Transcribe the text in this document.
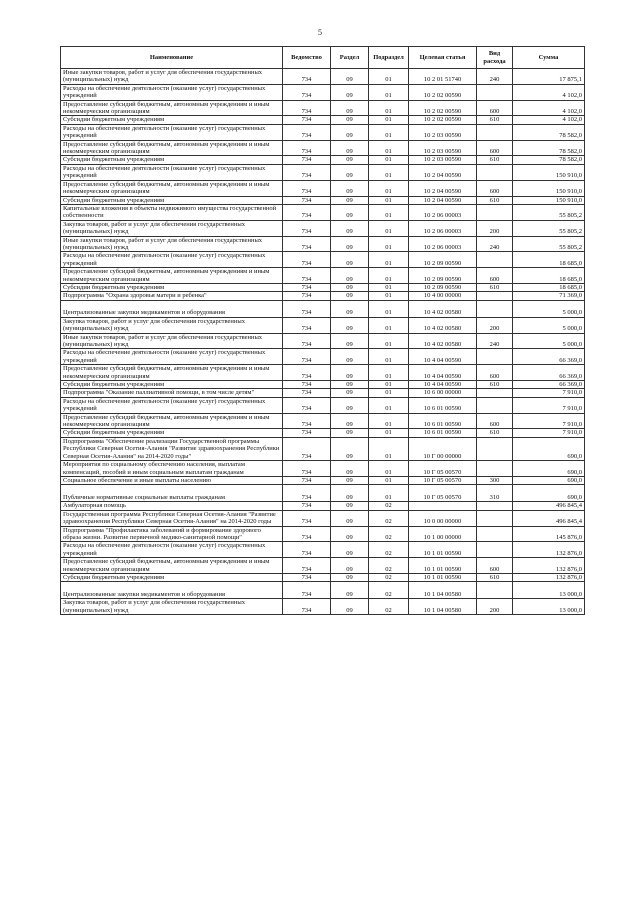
5
Наименование	Ведомство	Раздел	Подраздел	Целевая статья	Вид расхода	Сумма
Иные закупки товаров, работ и услуг для обеспечения государственных (муниципальных) нужд	734	09	01	10 2 01 51740	240	17 875,1
Расходы на обеспечение деятельности (оказание услуг) государственных учреждений	734	09	01	10 2 02 00590		4 102,0
Предоставление субсидий бюджетным, автономным учреждениям и иным некоммерческим организациям	734	09	01	10 2 02 00590	600	4 102,0
Субсидии бюджетным учреждениям	734	09	01	10 2 02 00590	610	4 102,0
Расходы на обеспечение деятельности (оказание услуг) государственных учреждений	734	09	01	10 2 03 00590		78 582,0
Предоставление субсидий бюджетным, автономным учреждениям и иным некоммерческим организациям	734	09	01	10 2 03 00590	600	78 582,0
Субсидии бюджетным учреждениям	734	09	01	10 2 03 00590	610	78 582,0
Расходы на обеспечение деятельности (оказание услуг) государственных учреждений	734	09	01	10 2 04 00590		150 910,0
Предоставление субсидий бюджетным, автономным учреждениям и иным некоммерческим организациям	734	09	01	10 2 04 00590	600	150 910,0
Субсидии бюджетным учреждениям	734	09	01	10 2 04 00590	610	150 910,0
Капитальные вложения в объекты недвижимого имущества государственной собственности	734	09	01	10 2 06 00003		55 805,2
Закупка товаров, работ и услуг для обеспечения государственных (муниципальных) нужд	734	09	01	10 2 06 00003	200	55 805,2
Иные закупки товаров, работ и услуг для обеспечения государственных (муниципальных) нужд	734	09	01	10 2 06 00003	240	55 805,2
Расходы на обеспечение деятельности (оказание услуг) государственных учреждений	734	09	01	10 2 09 00590		18 685,0
Предоставление субсидий бюджетным, автономным учреждениям и иным некоммерческим организациям	734	09	01	10 2 09 00590	600	18 685,0
Субсидии бюджетным учреждениям	734	09	01	10 2 09 00590	610	18 685,0
Подпрограмма "Охрана здоровья матери и ребенка"	734	09	01	10 4 00 00000		71 369,0
Централизованные закупки медикаментов и оборудования	734	09	01	10 4 02 00580		5 000,0
Закупка товаров, работ и услуг для обеспечения государственных (муниципальных) нужд	734	09	01	10 4 02 00580	200	5 000,0
Иные закупки товаров, работ и услуг для обеспечения государственных (муниципальных) нужд	734	09	01	10 4 02 00580	240	5 000,0
Расходы на обеспечение деятельности (оказание услуг) государственных учреждений	734	09	01	10 4 04 00590		66 369,0
Предоставление субсидий бюджетным, автономным учреждениям и иным некоммерческим организациям	734	09	01	10 4 04 00590	600	66 369,0
Субсидии бюджетным учреждениям	734	09	01	10 4 04 00590	610	66 369,0
Подпрограмма "Оказание паллиативной помощи, в том числе детям"	734	09	01	10 6 00 00000		7 910,0
Расходы на обеспечение деятельности (оказание услуг) государственных учреждений	734	09	01	10 6 01 00590		7 910,0
Предоставление субсидий бюджетным, автономным учреждениям и иным некоммерческим организациям	734	09	01	10 6 01 00590	600	7 910,0
Субсидии бюджетным учреждениям	734	09	01	10 6 01 00590	610	7 910,0
Подпрограмма "Обеспечение реализации Государственной программы Республики Северная Осетия-Алания "Развитие здравоохранения Республики Северная Осетия-Алания" на 2014-2020 годы"	734	09	01	10 Г 00 00000		690,0
Мероприятия по социальному обеспечению населения, выплатам компенсаций, пособий и иным социальным выплатам гражданам	734	09	01	10 Г 05 00570		690,0
Социальное обеспечение и иные выплаты населению	734	09	01	10 Г 05 00570	300	690,0
Публичные нормативные социальные выплаты гражданам	734	09	01	10 Г 05 00570	310	690,0
Амбулаторная помощь	734	09	02			496 845,4
Государственная программа Республики Северная Осетия-Алания "Развитие здравоохранения Республики Северная Осетия-Алания" на 2014-2020 годы	734	09	02	10 0 00 00000		496 845,4
Подпрограмма "Профилактика заболеваний и формирование здорового образа жизни. Развитие первичной медико-санитарной помощи"	734	09	02	10 1 00 00000		145 876,0
Расходы на обеспечение деятельности (оказание услуг) государственных учреждений	734	09	02	10 1 01 00590		132 876,0
Предоставление субсидий бюджетным, автономным учреждениям и иным некоммерческим организациям	734	09	02	10 1 01 00590	600	132 876,0
Субсидии бюджетным учреждениям	734	09	02	10 1 01 00590	610	132 876,0
Централизованные закупки медикаментов и оборудования	734	09	02	10 1 04 00580		13 000,0
Закупка товаров, работ и услуг для обеспечения государственных (муниципальных) нужд	734	09	02	10 1 04 00580	200	13 000,0
